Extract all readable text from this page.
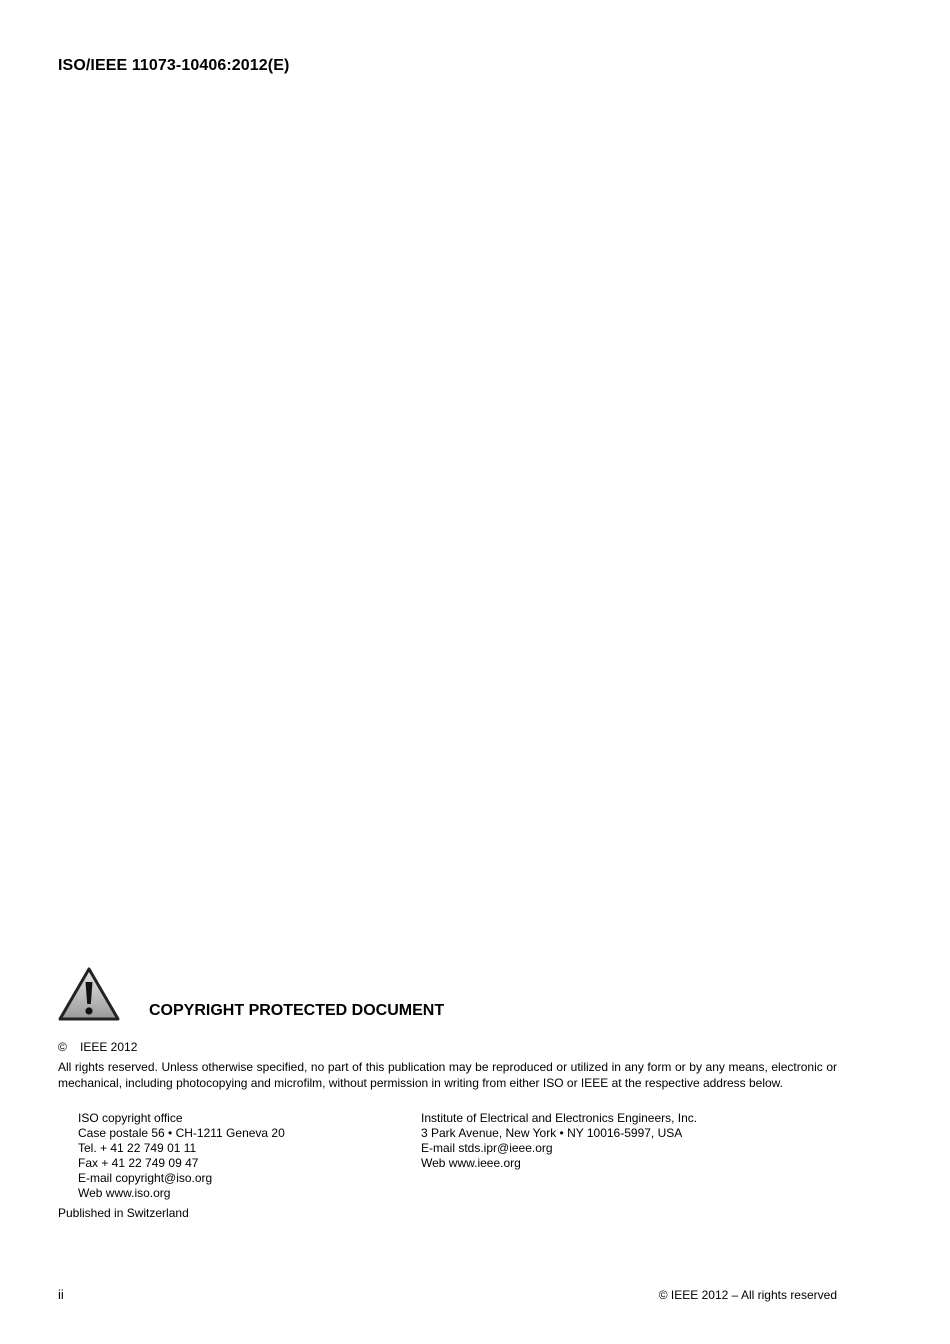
ISO/IEEE 11073-10406:2012(E)
COPYRIGHT PROTECTED DOCUMENT
© IEEE 2012
All rights reserved. Unless otherwise specified, no part of this publication may be reproduced or utilized in any form or by any means, electronic or mechanical, including photocopying and microfilm, without permission in writing from either ISO or IEEE at the respective address below.
ISO copyright office
Case postale 56 • CH-1211 Geneva 20
Tel. + 41 22 749 01 11
Fax + 41 22 749 09 47
E-mail copyright@iso.org
Web www.iso.org
Institute of Electrical and Electronics Engineers, Inc.
3 Park Avenue, New York • NY 10016-5997, USA
E-mail stds.ipr@ieee.org
Web www.ieee.org
Published in Switzerland
ii	© IEEE 2012 – All rights reserved
